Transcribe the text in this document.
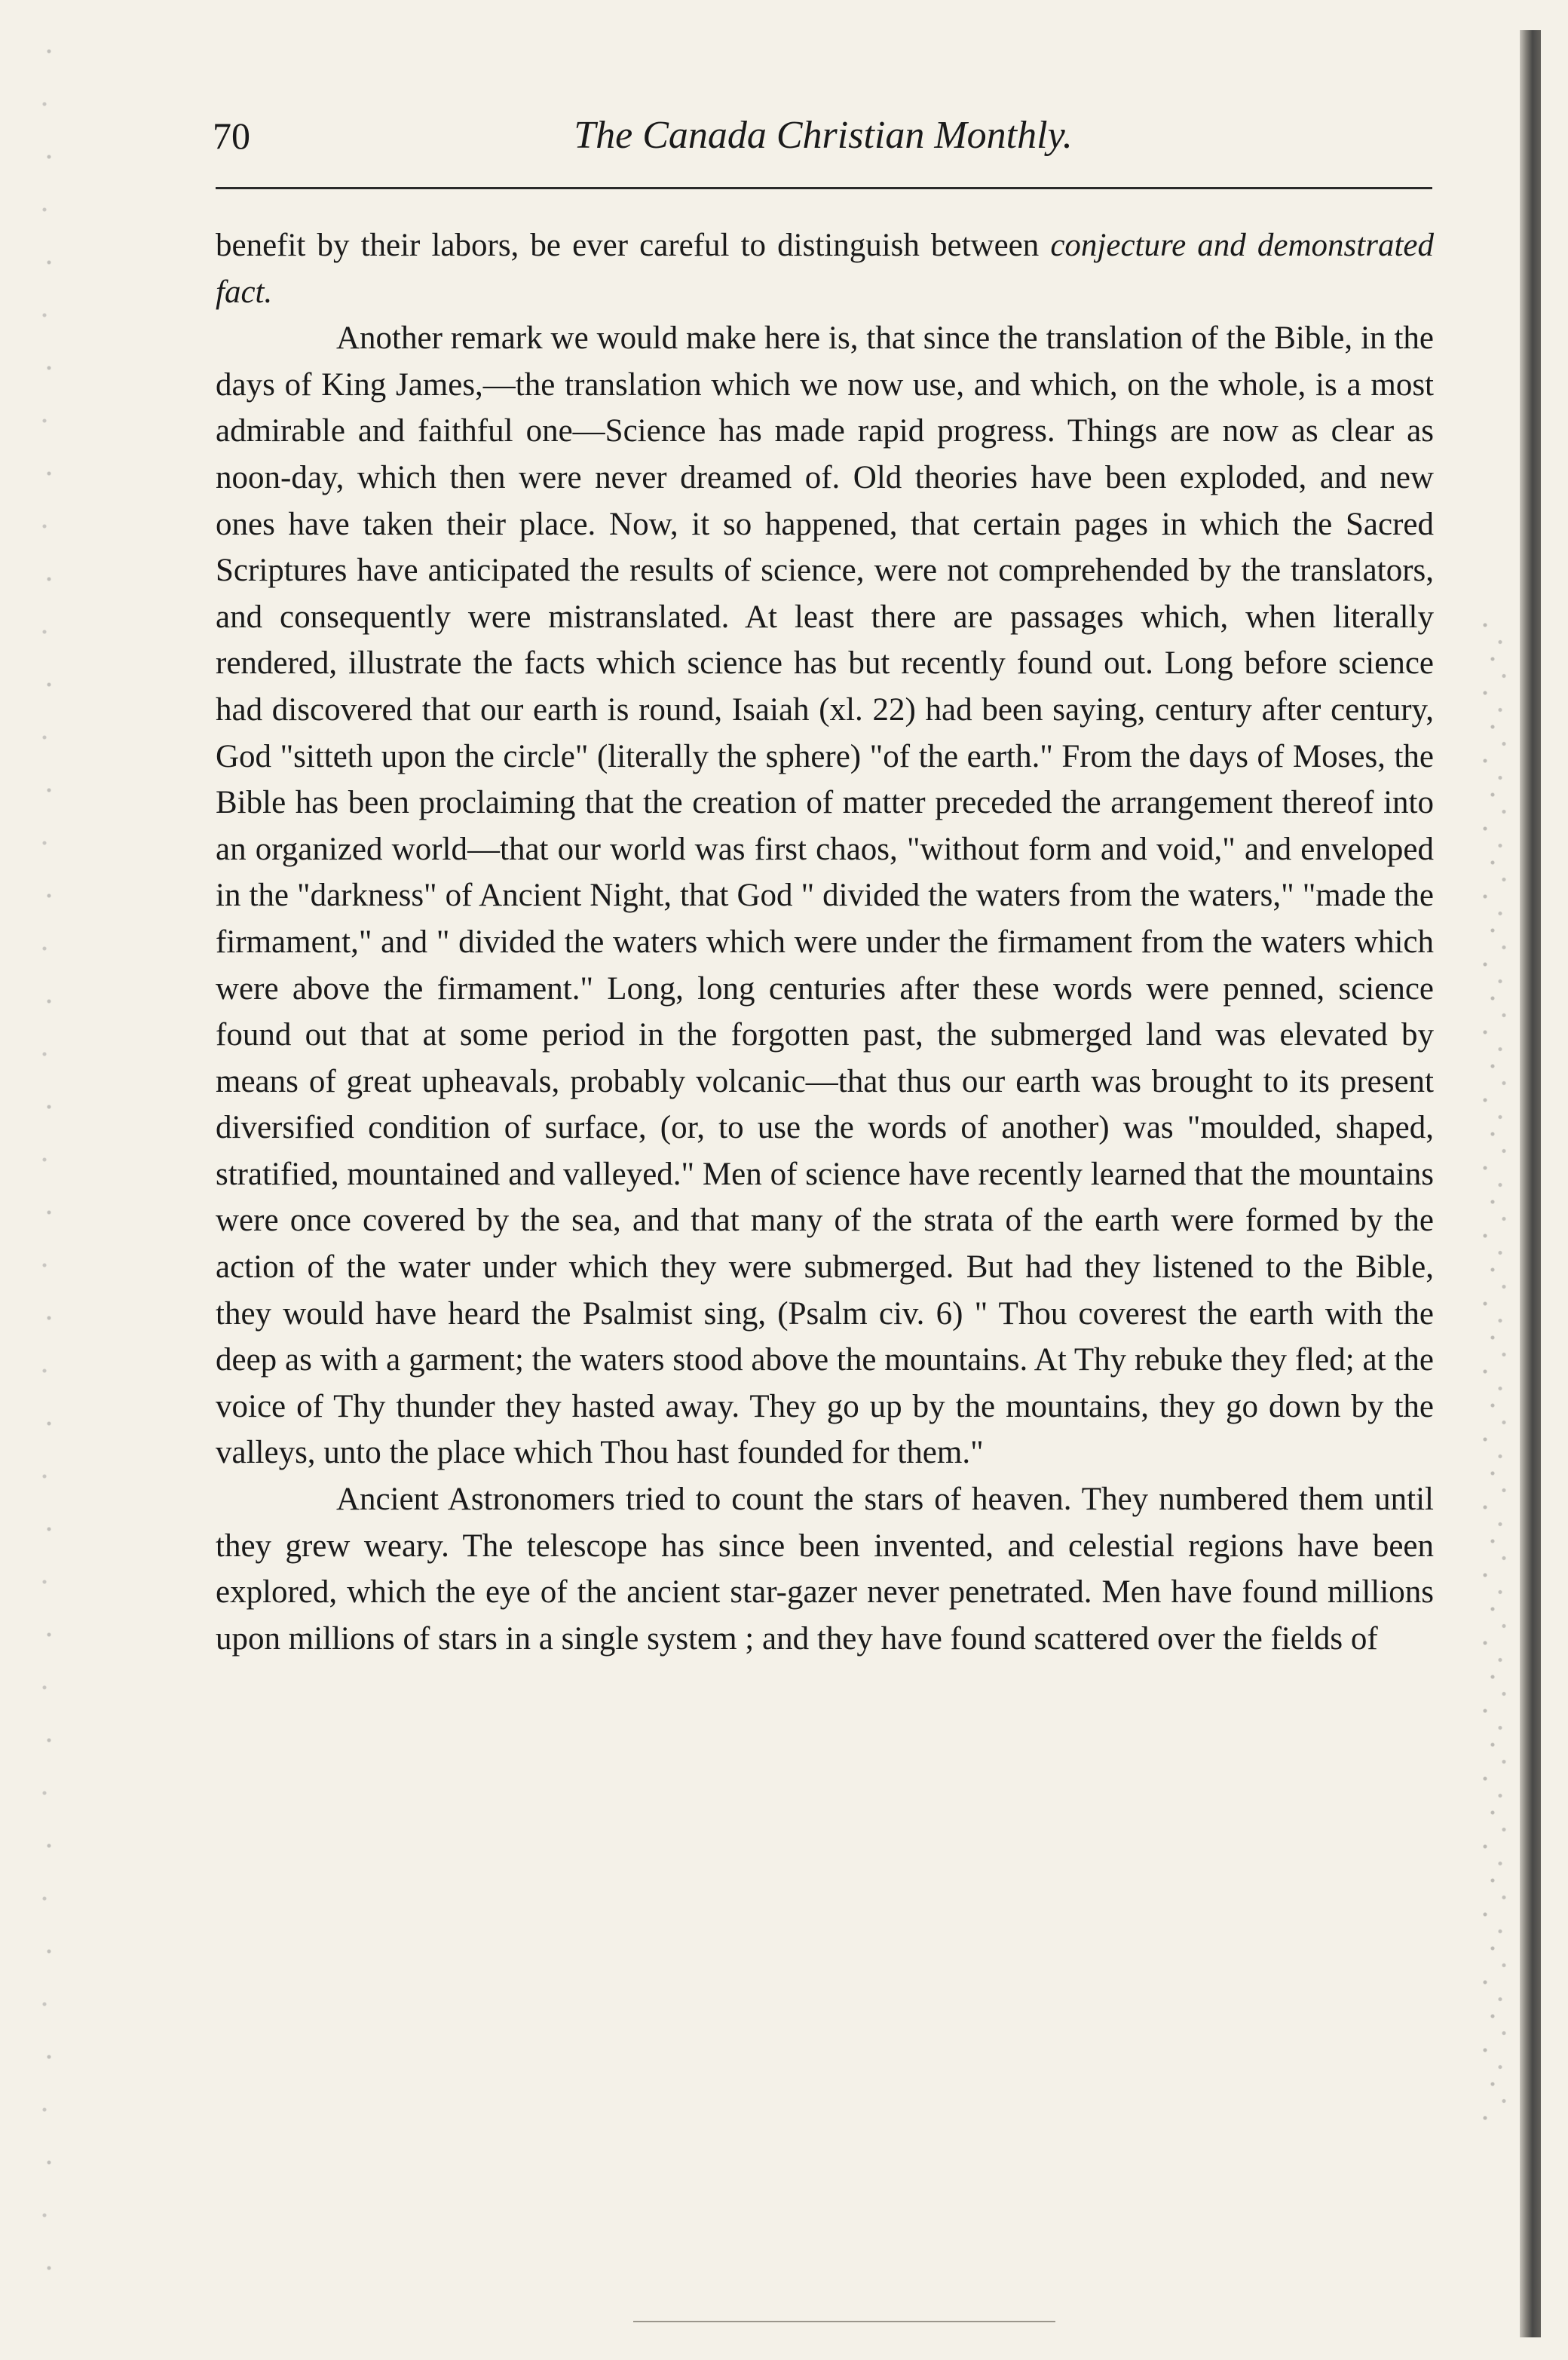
70	The Canada Christian Monthly.

benefit by their labors, be ever careful to distinguish between conjecture and demonstrated fact.

Another remark we would make here is, that since the translation of the Bible, in the days of King James,—the translation which we now use, and which, on the whole, is a most admirable and faithful one—Science has made rapid progress. Things are now as clear as noon-day, which then were never dreamed of. Old theories have been exploded, and new ones have taken their place. Now, it so happened, that certain pages in which the Sacred Scriptures have anticipated the results of science, were not comprehended by the translators, and consequently were mistranslated. At least there are passages which, when literally rendered, illustrate the facts which science has but recently found out. Long before science had discovered that our earth is round, Isaiah (xl. 22) had been saying, century after century, God "sitteth upon the circle" (literally the sphere) "of the earth." From the days of Moses, the Bible has been proclaiming that the creation of matter preceded the arrangement thereof into an organized world—that our world was first chaos, "without form and void," and enveloped in the "darkness" of Ancient Night, that God " divided the waters from the waters," "made the firmament," and " divided the waters which were under the firmament from the waters which were above the firmament." Long, long centuries after these words were penned, science found out that at some period in the forgotten past, the submerged land was elevated by means of great upheavals, probably volcanic—that thus our earth was brought to its present diversified condition of surface, (or, to use the words of another) was "moulded, shaped, stratified, mountained and valleyed." Men of science have recently learned that the mountains were once covered by the sea, and that many of the strata of the earth were formed by the action of the water under which they were submerged. But had they listened to the Bible, they would have heard the Psalmist sing, (Psalm civ. 6) " Thou coverest the earth with the deep as with a garment; the waters stood above the mountains. At Thy rebuke they fled; at the voice of Thy thunder they hasted away. They go up by the mountains, they go down by the valleys, unto the place which Thou hast founded for them."

Ancient Astronomers tried to count the stars of heaven. They numbered them until they grew weary. The telescope has since been invented, and celestial regions have been explored, which the eye of the ancient star-gazer never penetrated. Men have found millions upon millions of stars in a single system ; and they have found scattered over the fields of
